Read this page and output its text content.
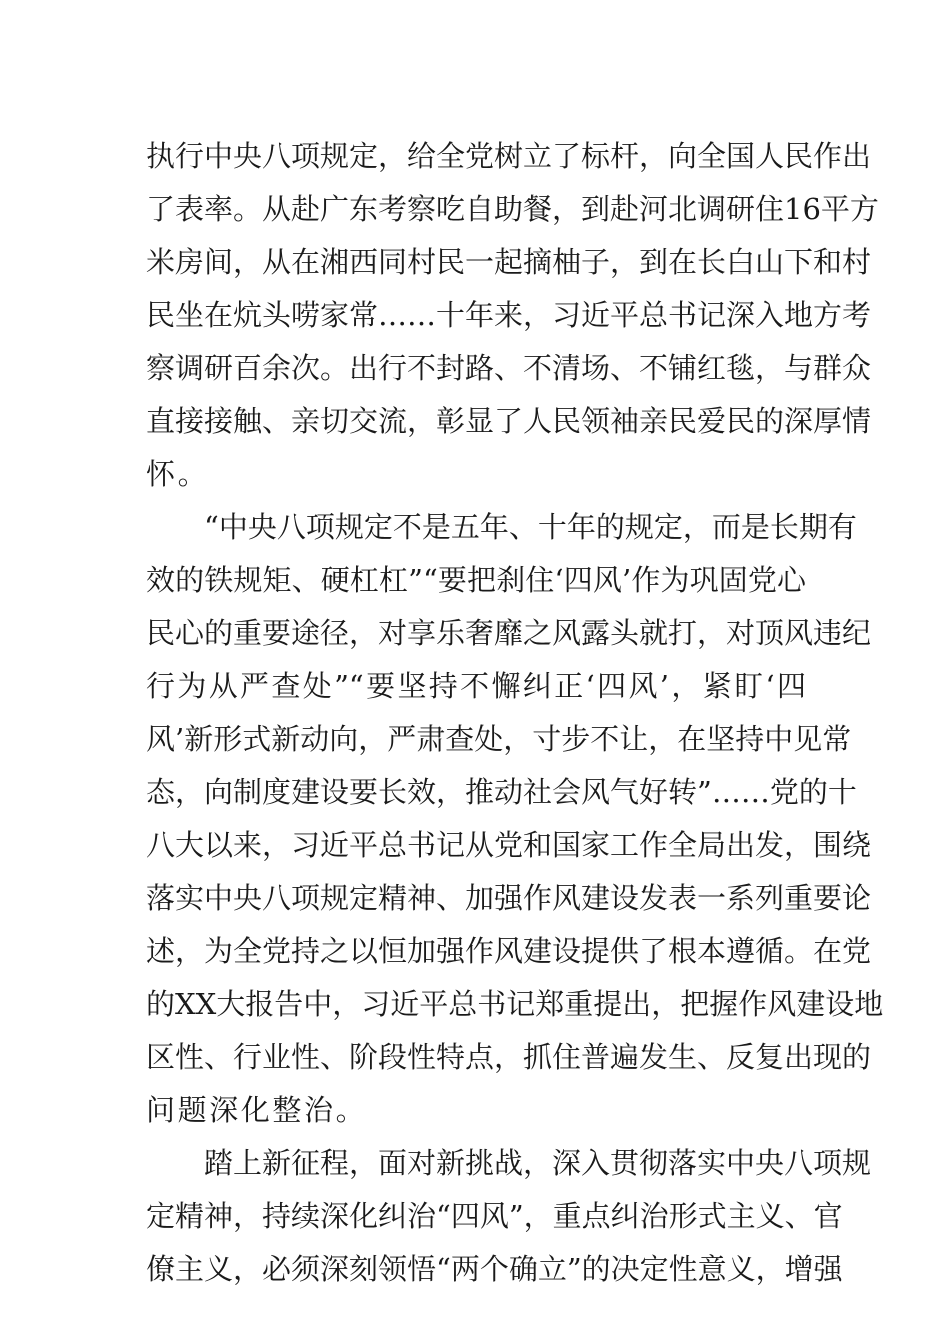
执行中央八项规定，给全党树立了标杆，向全国人民作出
了表率。从赴广东考察吃自助餐，到赴河北调研住16平方
米房间，从在湘西同村民一起摘柚子，到在长白山下和村
民坐在炕头唠家常……十年来，习近平总书记深入地方考
察调研百余次。出行不封路、不清场、不铺红毯，与群众
直接接触、亲切交流，彰显了人民领袖亲民爱民的深厚情
怀。
“中央八项规定不是五年、十年的规定，而是长期有
效的铁规矩、硬杠杠”“要把刹住‘四风’作为巩固党心
民心的重要途径，对享乐奢靡之风露头就打，对顶风违纪
行为从严查处”“要坚持不懈纠正‘四风’，紧盯‘四
风’新形式新动向，严肃查处，寸步不让，在坚持中见常
态，向制度建设要长效，推动社会风气好转”……党的十
八大以来，习近平总书记从党和国家工作全局出发，围绕
落实中央八项规定精神、加强作风建设发表一系列重要论
述，为全党持之以恒加强作风建设提供了根本遵循。在党
的XX大报告中，习近平总书记郑重提出，把握作风建设地
区性、行业性、阶段性特点，抓住普遍发生、反复出现的
问题深化整治。
踏上新征程，面对新挑战，深入贯彻落实中央八项规
定精神，持续深化纠治“四风”，重点纠治形式主义、官
僚主义，必须深刻领悟“两个确立”的决定性意义，增强
